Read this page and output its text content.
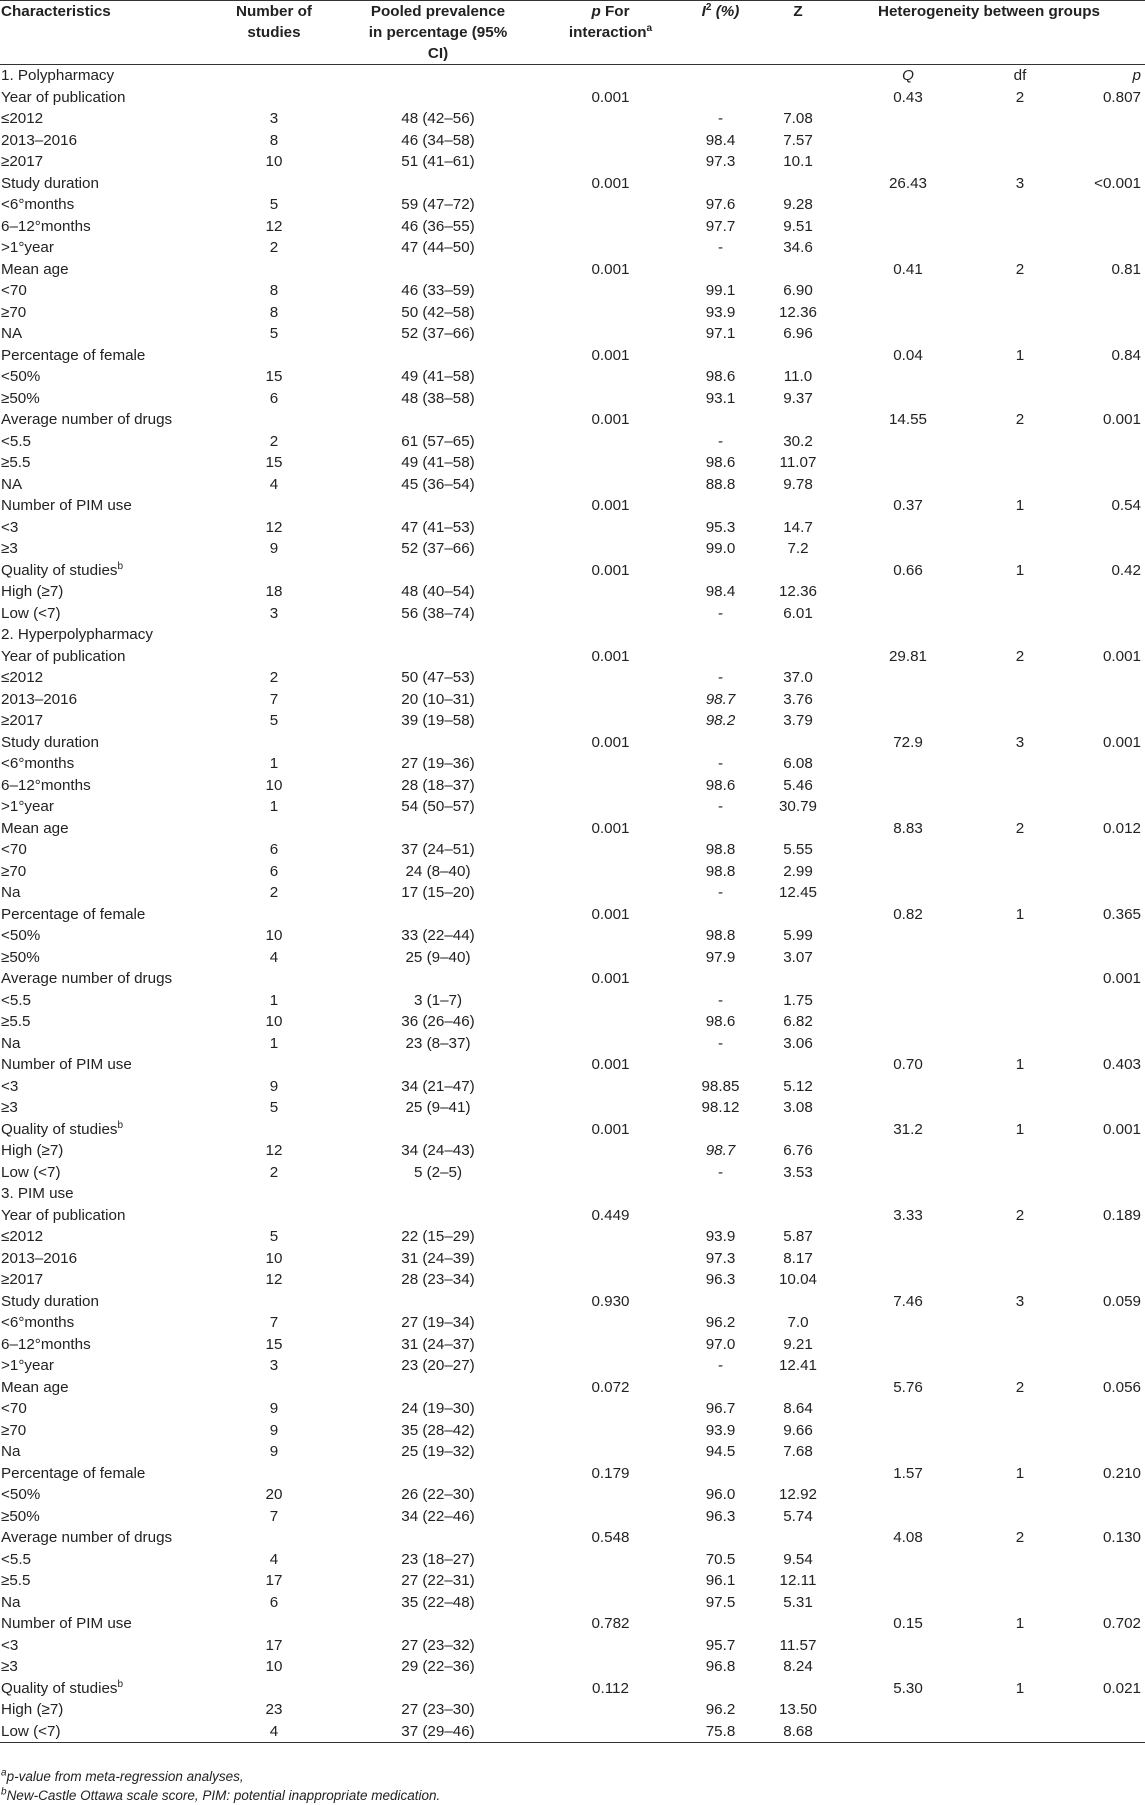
Characteristics	Number of studies	Pooled prevalence in percentage (95% CI)	p For interaction$^a$	$I^2$ (%)	Z	Heterogeneity between groups		
1. Polypharmacy						Q	df	p
Year of publication			0.001			0.43	2	0.807
≤2012	3	48 (42–56)		-	7.08			
2013–2016	8	46 (34–58)		98.4	7.57			
≥2017	10	51 (41–61)		97.3	10.1			
Study duration			0.001			26.43	3	<0.001
<6°months	5	59 (47–72)		97.6	9.28			
6–12°months	12	46 (36–55)		97.7	9.51			
>1°year	2	47 (44–50)		-	34.6			
Mean age			0.001			0.41	2	0.81
<70	8	46 (33–59)		99.1	6.90			
≥70	8	50 (42–58)		93.9	12.36			
NA	5	52 (37–66)		97.1	6.96			
Percentage of female			0.001			0.04	1	0.84
<50%	15	49 (41–58)		98.6	11.0			
≥50%	6	48 (38–58)		93.1	9.37			
Average number of drugs			0.001			14.55	2	0.001
<5.5	2	61 (57–65)		-	30.2			
≥5.5	15	49 (41–58)		98.6	11.07			
NA	4	45 (36–54)		88.8	9.78			
Number of PIM use			0.001			0.37	1	0.54
<3	12	47 (41–53)		95.3	14.7			
≥3	9	52 (37–66)		99.0	7.2			
Quality of studies$^b$			0.001			0.66	1	0.42
High (≥7)	18	48 (40–54)		98.4	12.36			
Low (<7)	3	56 (38–74)		-	6.01			
2. Hyperpolypharmacy								
Year of publication			0.001			29.81	2	0.001
≤2012	2	50 (47–53)		-	37.0			
2013–2016	7	20 (10–31)		98.7	3.76			
≥2017	5	39 (19–58)		98.2	3.79			
Study duration			0.001			72.9	3	0.001
<6°months	1	27 (19–36)		-	6.08			
6–12°months	10	28 (18–37)		98.6	5.46			
>1°year	1	54 (50–57)		-	30.79			
Mean age			0.001			8.83	2	0.012
<70	6	37 (24–51)		98.8	5.55			
≥70	6	24 (8–40)		98.8	2.99			
Na	2	17 (15–20)		-	12.45			
Percentage of female			0.001			0.82	1	0.365
<50%	10	33 (22–44)		98.8	5.99			
≥50%	4	25 (9–40)		97.9	3.07			
Average number of drugs			0.001					0.001
<5.5	1	3 (1–7)		-	1.75			
≥5.5	10	36 (26–46)		98.6	6.82			
Na	1	23 (8–37)		-	3.06			
Number of PIM use			0.001			0.70	1	0.403
<3	9	34 (21–47)		98.85	5.12			
≥3	5	25 (9–41)		98.12	3.08			
Quality of studies$^b$			0.001			31.2	1	0.001
High (≥7)	12	34 (24–43)		98.7	6.76			
Low (<7)	2	5 (2–5)		-	3.53			
3. PIM use								
Year of publication			0.449			3.33	2	0.189
≤2012	5	22 (15–29)		93.9	5.87			
2013–2016	10	31 (24–39)		97.3	8.17			
≥2017	12	28 (23–34)		96.3	10.04			
Study duration			0.930			7.46	3	0.059
<6°months	7	27 (19–34)		96.2	7.0			
6–12°months	15	31 (24–37)		97.0	9.21			
>1°year	3	23 (20–27)		-	12.41			
Mean age			0.072			5.76	2	0.056
<70	9	24 (19–30)		96.7	8.64			
≥70	9	35 (28–42)		93.9	9.66			
Na	9	25 (19–32)		94.5	7.68			
Percentage of female			0.179			1.57	1	0.210
<50%	20	26 (22–30)		96.0	12.92			
≥50%	7	34 (22–46)		96.3	5.74			
Average number of drugs			0.548			4.08	2	0.130
<5.5	4	23 (18–27)		70.5	9.54			
≥5.5	17	27 (22–31)		96.1	12.11			
Na	6	35 (22–48)		97.5	5.31			
Number of PIM use			0.782			0.15	1	0.702
<3	17	27 (23–32)		95.7	11.57			
≥3	10	29 (22–36)		96.8	8.24			
Quality of studies$^b$			0.112			5.30	1	0.021
High (≥7)	23	27 (23–30)		96.2	13.50			
Low (<7)	4	37 (29–46)		75.8	8.68			
$^a$p-value from meta-regression analyses,
$^b$New-Castle Ottawa scale score, PIM: potential inappropriate medication.
